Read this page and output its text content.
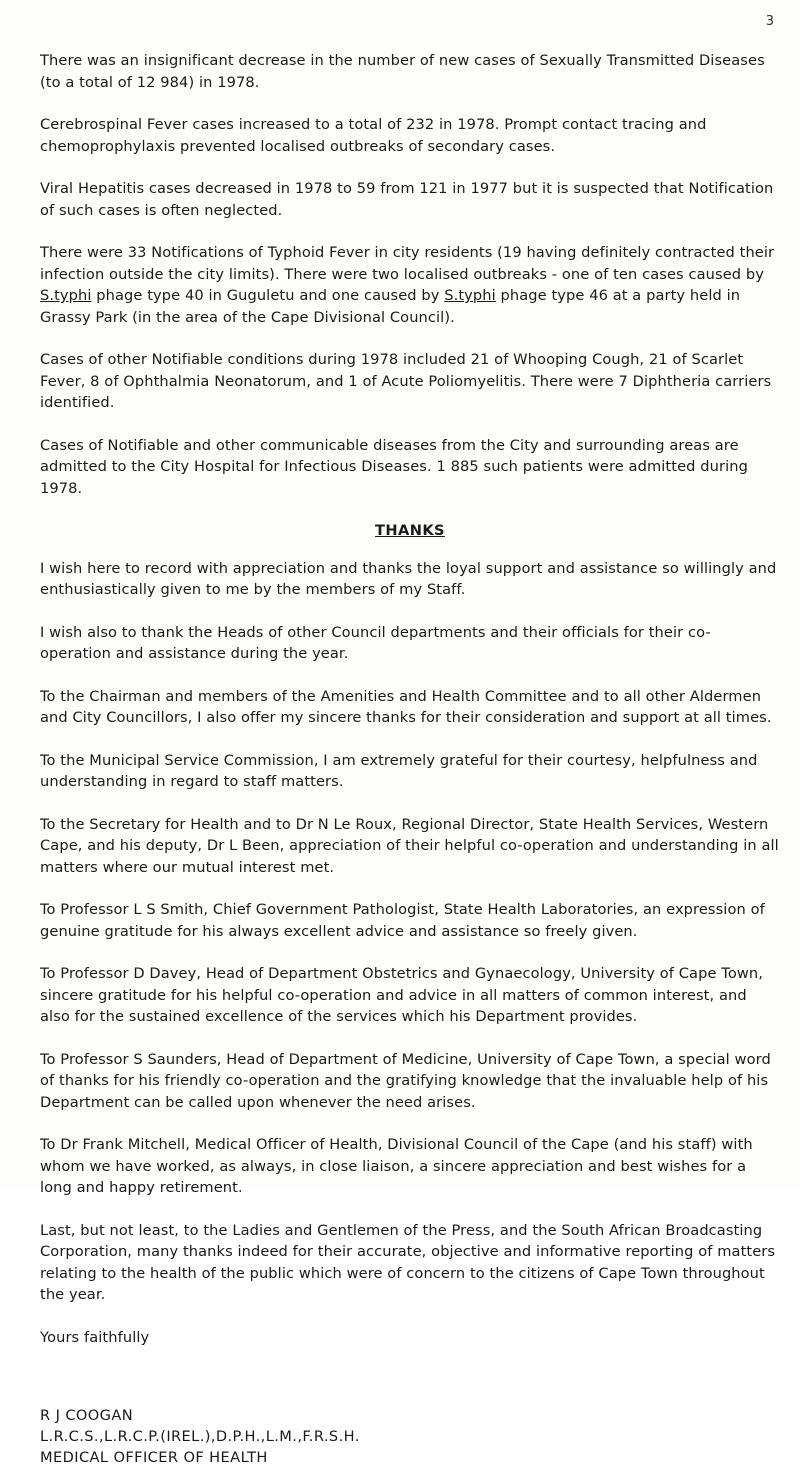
3

There was an insignificant decrease in the number of new cases of Sexually Transmitted Diseases (to a total of 12 984) in 1978.

Cerebrospinal Fever cases increased to a total of 232 in 1978. Prompt contact tracing and chemoprophylaxis prevented localised outbreaks of secondary cases.

Viral Hepatitis cases decreased in 1978 to 59 from 121 in 1977 but it is suspected that Notification of such cases is often neglected.

There were 33 Notifications of Typhoid Fever in city residents (19 having definitely contracted their infection outside the city limits). There were two localised outbreaks - one of ten cases caused by S.typhi phage type 40 in Guguletu and one caused by S.typhi phage type 46 at a party held in Grassy Park (in the area of the Cape Divisional Council).

Cases of other Notifiable conditions during 1978 included 21 of Whooping Cough, 21 of Scarlet Fever, 8 of Ophthalmia Neonatorum, and 1 of Acute Poliomyelitis. There were 7 Diphtheria carriers identified.

Cases of Notifiable and other communicable diseases from the City and surrounding areas are admitted to the City Hospital for Infectious Diseases. 1 885 such patients were admitted during 1978.

THANKS

I wish here to record with appreciation and thanks the loyal support and assistance so willingly and enthusiastically given to me by the members of my Staff.

I wish also to thank the Heads of other Council departments and their officials for their co-operation and assistance during the year.

To the Chairman and members of the Amenities and Health Committee and to all other Aldermen and City Councillors, I also offer my sincere thanks for their consideration and support at all times.

To the Municipal Service Commission, I am extremely grateful for their courtesy, helpfulness and understanding in regard to staff matters.

To the Secretary for Health and to Dr N Le Roux, Regional Director, State Health Services, Western Cape, and his deputy, Dr L Been, appreciation of their helpful co-operation and understanding in all matters where our mutual interest met.

To Professor L S Smith, Chief Government Pathologist, State Health Laboratories, an expression of genuine gratitude for his always excellent advice and assistance so freely given.

To Professor D Davey, Head of Department Obstetrics and Gynaecology, University of Cape Town, sincere gratitude for his helpful co-operation and advice in all matters of common interest, and also for the sustained excellence of the services which his Department provides.

To Professor S Saunders, Head of Department of Medicine, University of Cape Town, a special word of thanks for his friendly co-operation and the gratifying knowledge that the invaluable help of his Department can be called upon whenever the need arises.

To Dr Frank Mitchell, Medical Officer of Health, Divisional Council of the Cape (and his staff) with whom we have worked, as always, in close liaison, a sincere appreciation and best wishes for a long and happy retirement.

Last, but not least, to the Ladies and Gentlemen of the Press, and the South African Broadcasting Corporation, many thanks indeed for their accurate, objective and informative reporting of matters relating to the health of the public which were of concern to the citizens of Cape Town throughout the year.

Yours faithfully

R J COOGAN
L.R.C.S.,L.R.C.P.(IREL.),D.P.H.,L.M.,F.R.S.H.
MEDICAL OFFICER OF HEALTH
